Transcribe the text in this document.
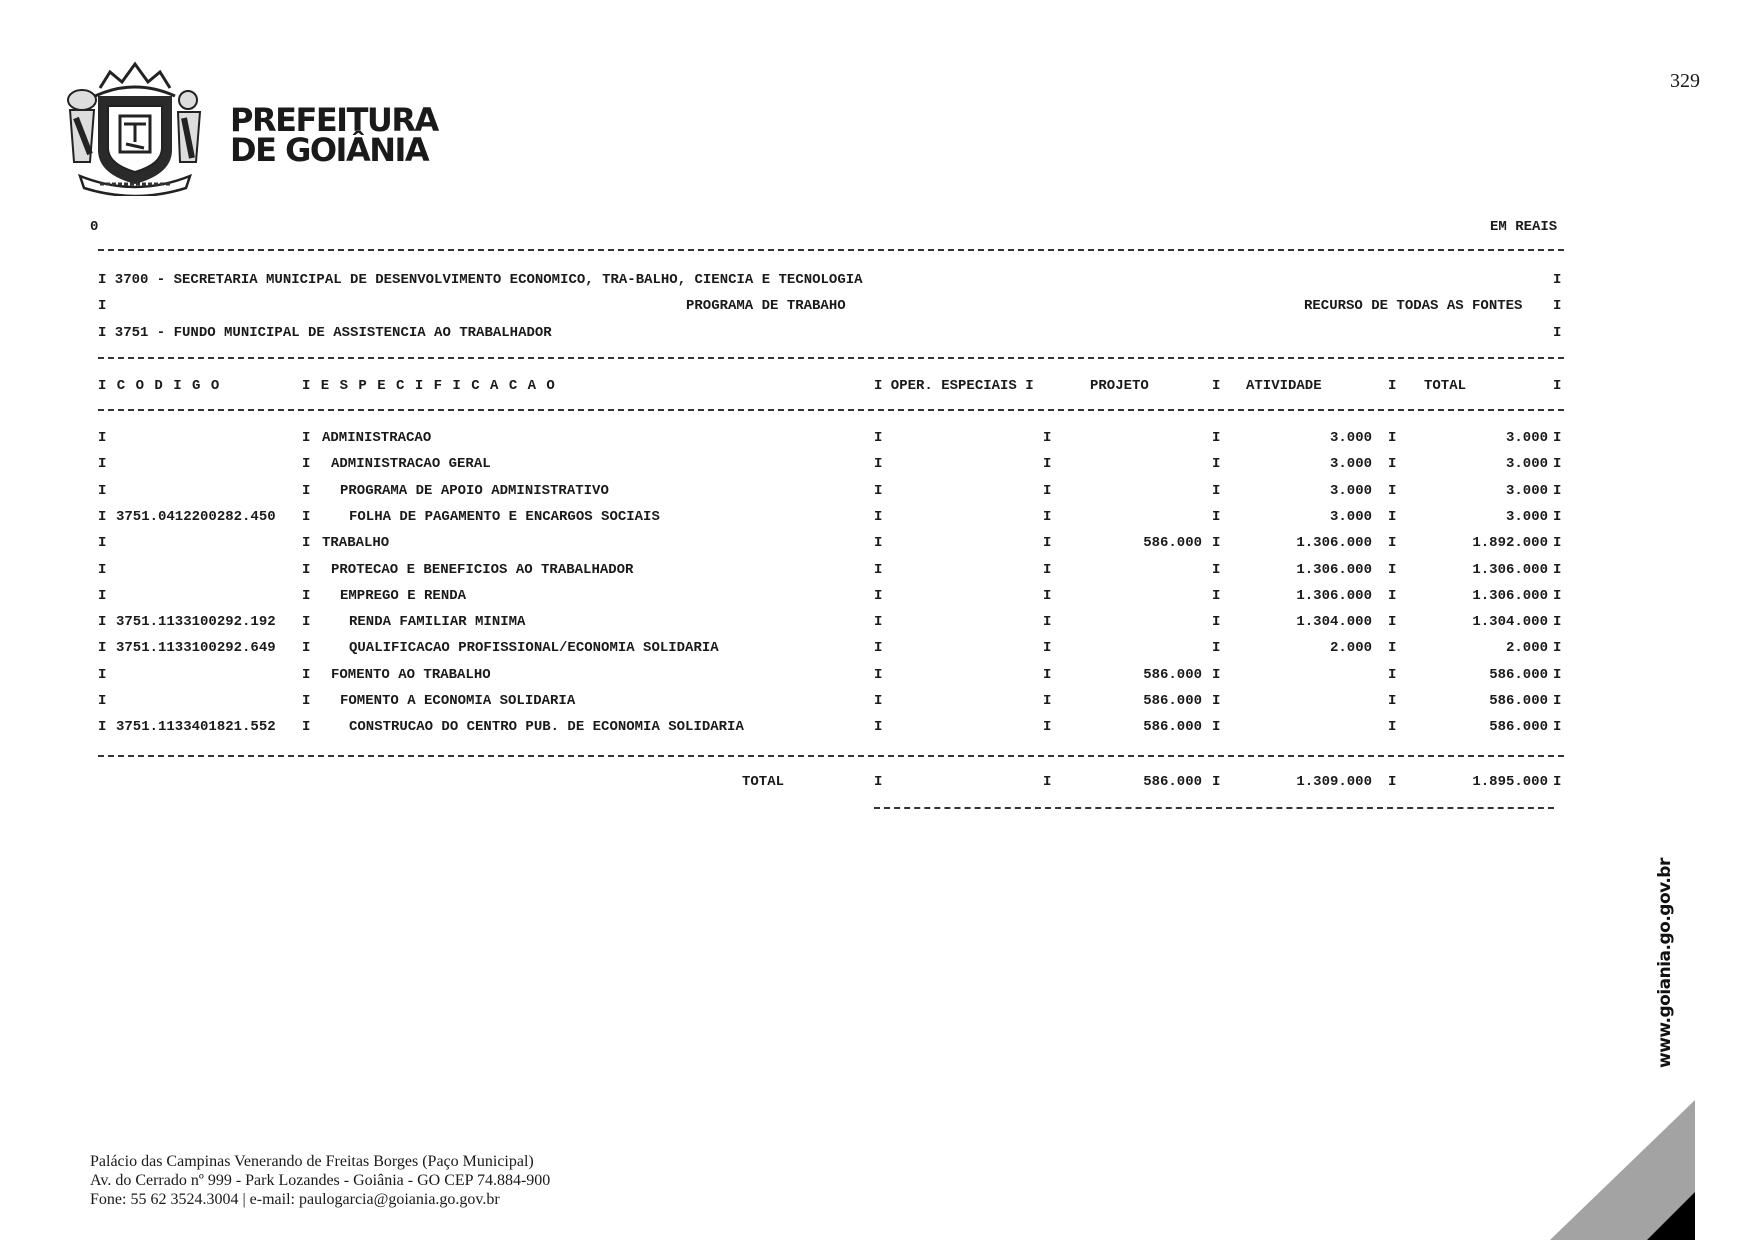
PREFEITURA
DE GOIÂNIA
329
0	EM REAIS
I 3700 - SECRETARIA MUNICIPAL DE DESENVOLVIMENTO ECONOMICO, TRA-BALHO, CIENCIA E TECNOLOGIA	I
I	PROGRAMA DE TRABAHO	RECURSO DE TODAS AS FONTES I
I 3751 - FUNDO MUNICIPAL DE ASSISTENCIA AO TRABALHADOR	I
I C O D I G O	I E S P E C I F I C A C A O	I OPER. ESPECIAIS I	PROJETO	I ATIVIDADE	I TOTAL	I
I	I ADMINISTRACAO	I	I	I	3.000 I	3.000 I
I	I ADMINISTRACAO GERAL	I	I	I	3.000 I	3.000 I
I	I PROGRAMA DE APOIO ADMINISTRATIVO	I	I	I	3.000 I	3.000 I
I 3751.0412200282.450 I	FOLHA DE PAGAMENTO E ENCARGOS SOCIAIS	I	I	I	3.000 I	3.000 I
I	I TRABALHO	I	I	586.000 I	1.306.000 I	1.892.000 I
I	I PROTECAO E BENEFICIOS AO TRABALHADOR	I	I	I	1.306.000 I	1.306.000 I
I	I EMPREGO E RENDA	I	I	I	1.306.000 I	1.306.000 I
I 3751.1133100292.192 I	RENDA FAMILIAR MINIMA	I	I	I	1.304.000 I	1.304.000 I
I 3751.1133100292.649 I	QUALIFICACAO PROFISSIONAL/ECONOMIA SOLIDARIA	I	I	I	2.000 I	2.000 I
I	I FOMENTO AO TRABALHO	I	I	586.000 I	I	586.000 I
I	I FOMENTO A ECONOMIA SOLIDARIA	I	I	586.000 I	I	586.000 I
I 3751.1133401821.552 I	CONSTRUCAO DO CENTRO PUB. DE ECONOMIA SOLIDARIA	I	I	586.000 I	I	586.000 I
TOTAL	I	I	586.000 I	1.309.000 I	1.895.000 I
www.goiania.go.gov.br
Palácio das Campinas Venerando de Freitas Borges (Paço Municipal)
Av. do Cerrado nº 999 - Park Lozandes - Goiânia - GO CEP 74.884-900
Fone: 55 62 3524.3004 | e-mail: paulogarcia@goiania.go.gov.br
